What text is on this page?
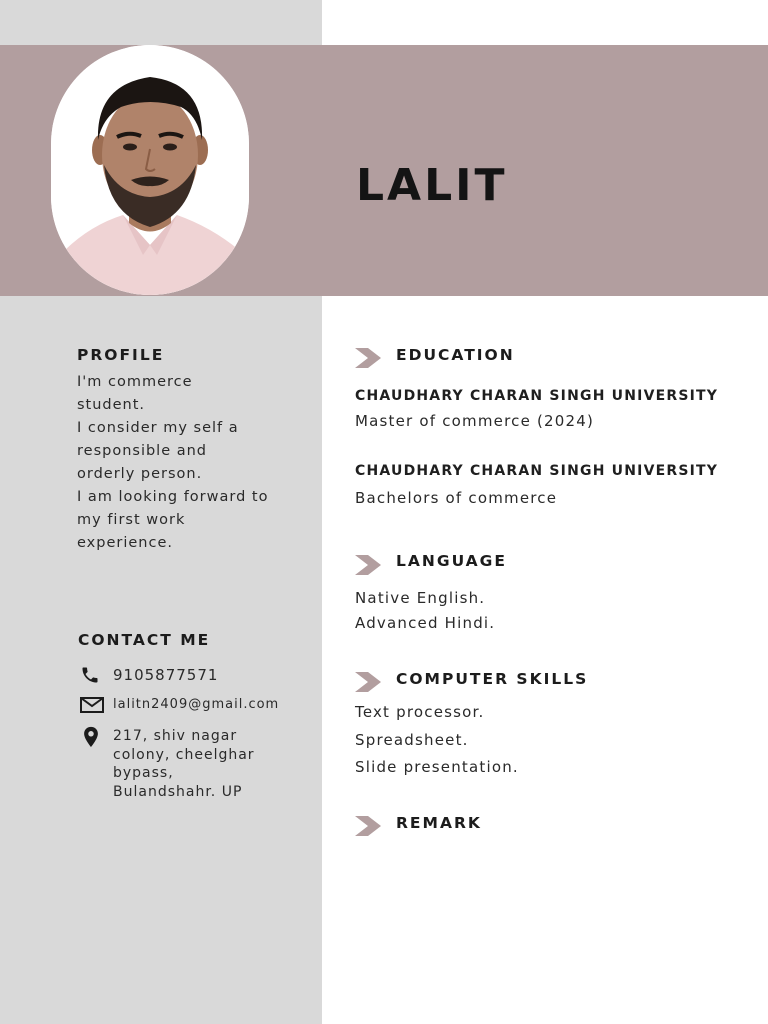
LALIT
PROFILE
I'm commerce
student.
I consider my self a
responsible and
orderly person.
I am looking forward to
my first work
experience.
CONTACT ME
9105877571
lalitn2409@gmail.com
217, shiv nagar
colony, cheelghar
bypass,
Bulandshahr. UP
EDUCATION

CHAUDHARY CHARAN SINGH UNIVERSITY

Master of commerce (2024)

CHAUDHARY CHARAN SINGH UNIVERSITY

Bachelors of commerce

LANGUAGE

Native English.

Advanced Hindi.

COMPUTER SKILLS

Text processor.

Spreadsheet.

Slide presentation.

REMARK
